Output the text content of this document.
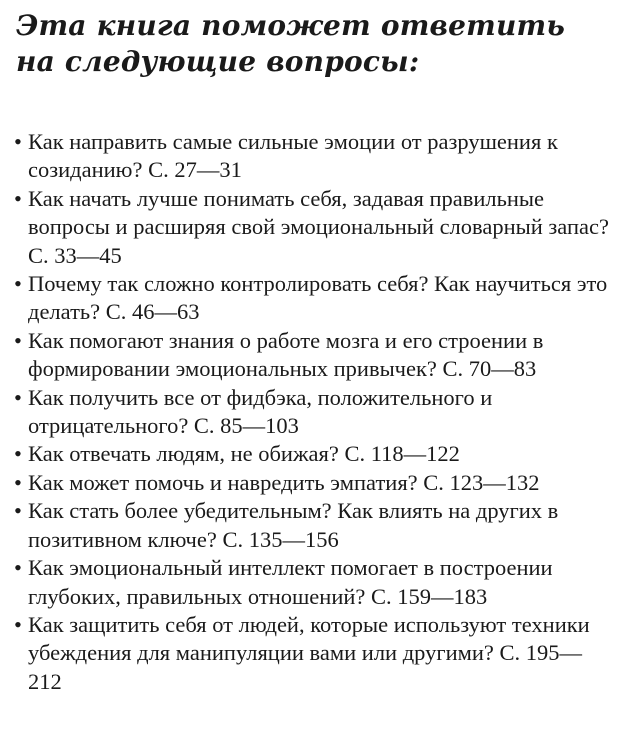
Эта книга поможет ответить
на следующие вопросы:
• Как направить самые сильные эмоции от разрушения к созиданию? С. 27—31
• Как начать лучше понимать себя, задавая правильные вопросы и расширяя свой эмоциональный словарный запас? С. 33—45
• Почему так сложно контролировать себя? Как научиться это делать? С. 46—63
• Как помогают знания о работе мозга и его строении в формировании эмоциональных привычек? С. 70—83
• Как получить все от фидбэка, положительного и отрицательного? С. 85—103
• Как отвечать людям, не обижая? С. 118—122
• Как может помочь и навредить эмпатия? С. 123—132
• Как стать более убедительным? Как влиять на других в позитивном ключе? С. 135—156
• Как эмоциональный интеллект помогает в построении глубоких, правильных отношений? С. 159—183
• Как защитить себя от людей, которые используют техники убеждения для манипуляции вами или другими? С. 195—212
